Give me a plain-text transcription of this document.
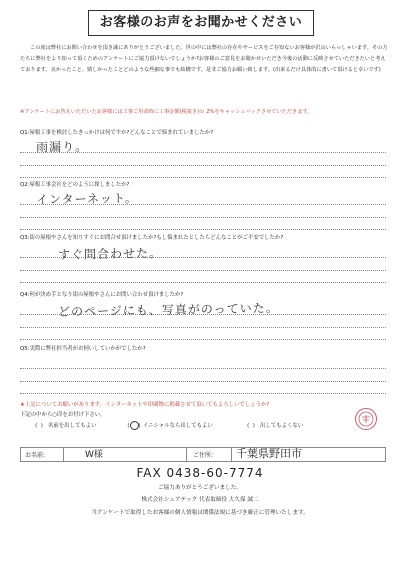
お客様のお声をお聞かせください

この度は弊社にお問い合わせを頂き誠にありがとうございました。世の中には弊社の存在やサービスをご存知ないお客様が沢山いらっしゃいます。その方たちに弊社をより知って頂くためのアンケートにご協力頂けないでしょうか?お客様のご意見をお聞かせいただき今後の活動に反映させていただきたいと考えております。良かったこと、嬉しかったことどのような些細な事でも結構です。是非ご協力お願い致します。(出来るだけ具体的に書いて頂けると幸いです)

※アンケートにお答えいただいたお客様には工事ご用命時に工事金額(税抜き)の 2%をキャッシュバックさせていただきます。
Q1:屋根工事を検討したきっかけは何ですか?どんなことで悩まれていましたか?
雨漏り。
Q2:屋根工事会社をどのように探しましたか?
インターネット。
Q3:街の屋根やさんを知りすぐにお問合せ頂けましたか?もし悩まれたとしたらどんなことがご不安でしたか?
すぐ問合わせた。
Q4:何が決め手となり街の屋根やさんにお問い合わせ頂けましたか?
どのページにも、写真がのっていた。
Q5:実際に弊社担当者がお伺いしていかがでしたか?
★上記についてお願いがあります。インターネットや印刷物に掲載させて頂いてもよろしいでしょうか?
下記の中から○印をお付け下さい。
(  ) 名前を出してもよい	( ) イニシャルなら出してもよい	(  ) 出してもよくない
お名前:	W様	ご住所: 千葉県野田市
FAX 0438-60-7774
ご協力ありがとうございました。
株式会社シェアテック 代表取締役 大久保 誠二
当アンケートで取得したお客様の個人情報は関係法規に基づき厳正に管理いたします。
